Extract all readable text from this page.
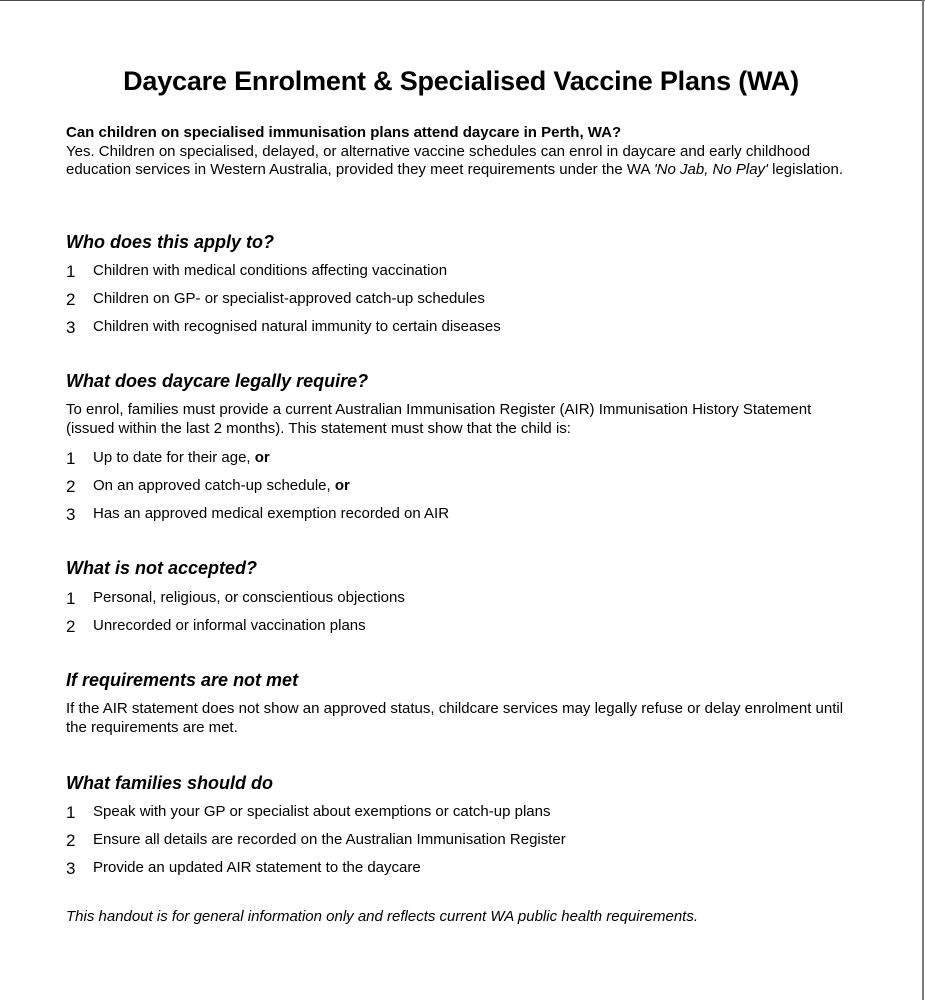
Daycare Enrolment & Specialised Vaccine Plans (WA)
Can children on specialised immunisation plans attend daycare in Perth, WA?
Yes. Children on specialised, delayed, or alternative vaccine schedules can enrol in daycare and early childhood education services in Western Australia, provided they meet requirements under the WA 'No Jab, No Play' legislation.
Who does this apply to?
1	Children with medical conditions affecting vaccination
2	Children on GP- or specialist-approved catch-up schedules
3	Children with recognised natural immunity to certain diseases
What does daycare legally require?
To enrol, families must provide a current Australian Immunisation Register (AIR) Immunisation History Statement (issued within the last 2 months). This statement must show that the child is:
1	Up to date for their age, or
2	On an approved catch-up schedule, or
3	Has an approved medical exemption recorded on AIR
What is not accepted?
1	Personal, religious, or conscientious objections
2	Unrecorded or informal vaccination plans
If requirements are not met
If the AIR statement does not show an approved status, childcare services may legally refuse or delay enrolment until the requirements are met.
What families should do
1	Speak with your GP or specialist about exemptions or catch-up plans
2	Ensure all details are recorded on the Australian Immunisation Register
3	Provide an updated AIR statement to the daycare
This handout is for general information only and reflects current WA public health requirements.
